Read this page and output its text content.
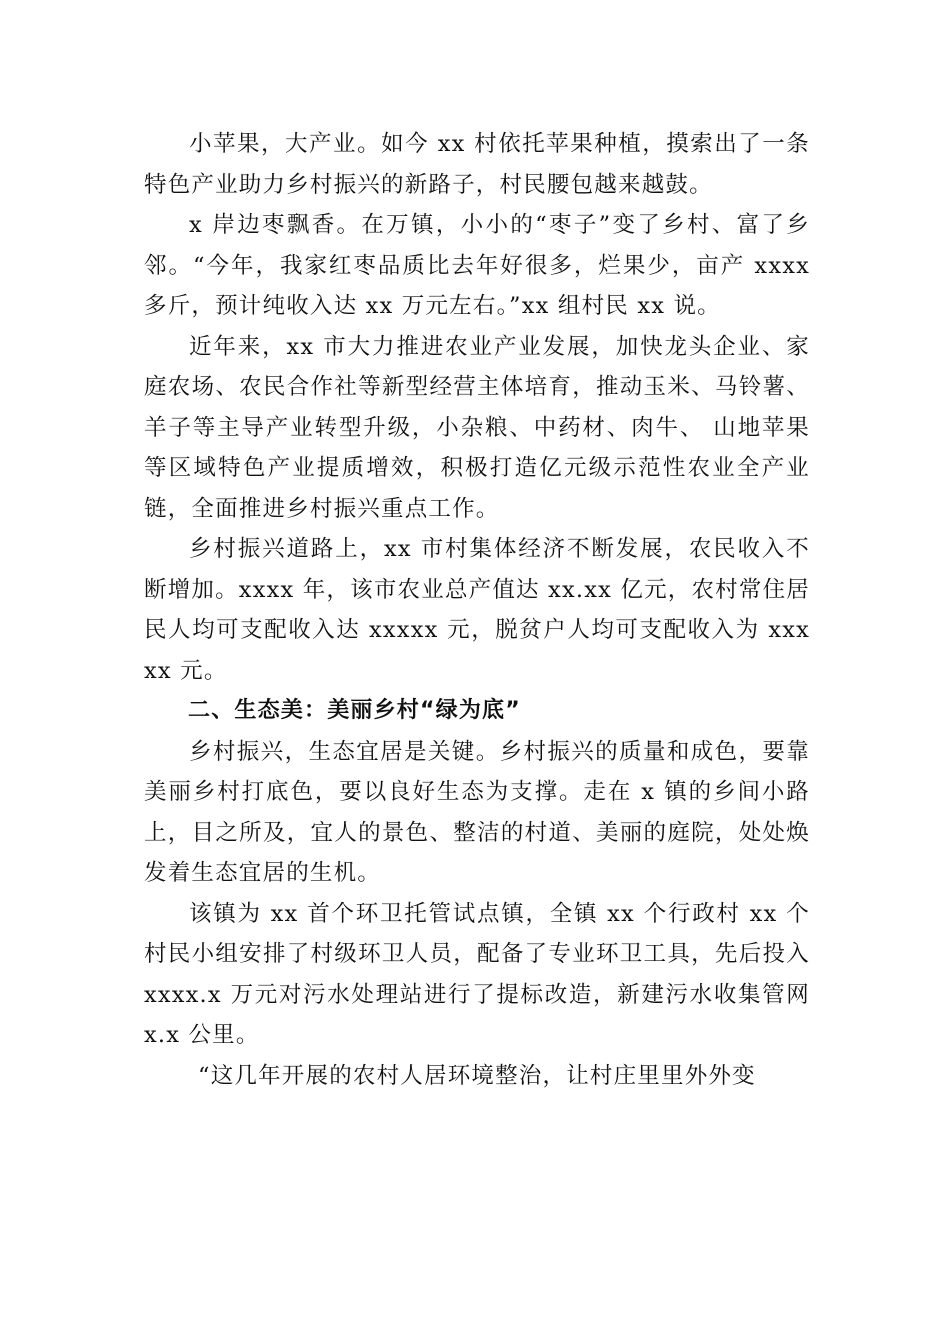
小苹果，大产业。如今 xx 村依托苹果种植，摸索出了一条特色产业助力乡村振兴的新路子，村民腰包越来越鼓。

x 岸边枣飘香。在万镇，小小的“枣子”变了乡村、富了乡邻。“今年，我家红枣品质比去年好很多，烂果少，亩产 xxxx 多斤，预计纯收入达 xx 万元左右。”xx 组村民 xx 说。

近年来，xx 市大力推进农业产业发展，加快龙头企业、家庭农场、农民合作社等新型经营主体培育，推动玉米、马铃薯、羊子等主导产业转型升级，小杂粮、中药材、肉牛、 山地苹果等区域特色产业提质增效，积极打造亿元级示范性农业全产业链，全面推进乡村振兴重点工作。

乡村振兴道路上，xx 市村集体经济不断发展，农民收入不断增加。xxxx 年，该市农业总产值达 xx.xx 亿元，农村常住居民人均可支配收入达 xxxxx 元，脱贫户人均可支配收入为 xxxxx 元。

二、生态美：美丽乡村“绿为底”

乡村振兴，生态宜居是关键。乡村振兴的质量和成色，要靠美丽乡村打底色，要以良好生态为支撑。走在 x 镇的乡间小路上，目之所及，宜人的景色、整洁的村道、美丽的庭院，处处焕发着生态宜居的生机。

该镇为 xx 首个环卫托管试点镇，全镇 xx 个行政村 xx 个村民小组安排了村级环卫人员，配备了专业环卫工具，先后投入 xxxx.x 万元对污水处理站进行了提标改造，新建污水收集管网 x.x 公里。

“这几年开展的农村人居环境整治，让村庄里里外外变
